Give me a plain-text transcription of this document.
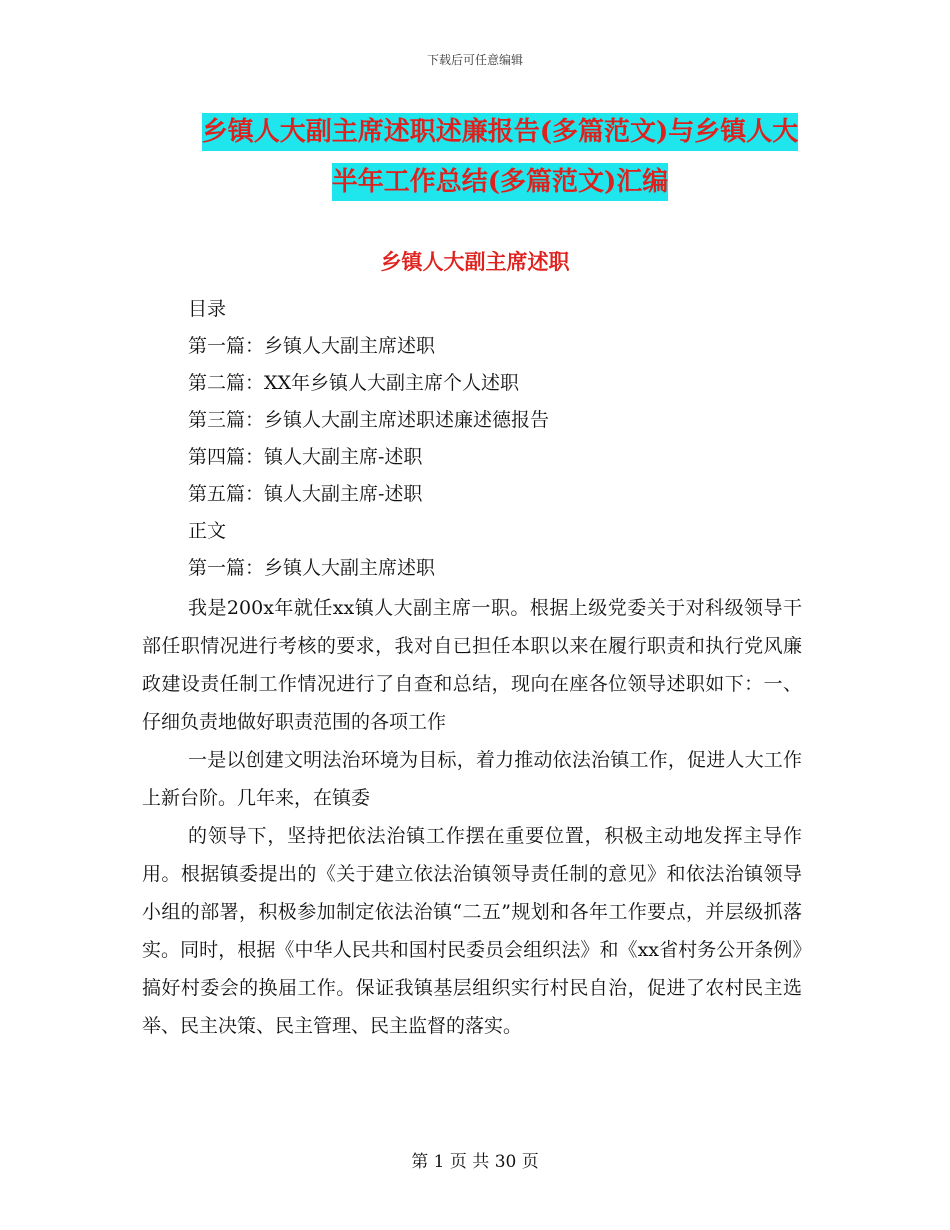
下载后可任意编辑
乡镇人大副主席述职述廉报告(多篇范文)与乡镇人大
半年工作总结(多篇范文)汇编
乡镇人大副主席述职
目录
第一篇：乡镇人大副主席述职
第二篇：XX年乡镇人大副主席个人述职
第三篇：乡镇人大副主席述职述廉述德报告
第四篇：镇人大副主席-述职
第五篇：镇人大副主席-述职
正文
第一篇：乡镇人大副主席述职

我是200x年就任xx镇人大副主席一职。根据上级党委关于对科级领导干部任职情况进行考核的要求，我对自已担任本职以来在履行职责和执行党风廉政建设责任制工作情况进行了自查和总结，现向在座各位领导述职如下：一、仔细负责地做好职责范围的各项工作

一是以创建文明法治环境为目标，着力推动依法治镇工作，促进人大工作上新台阶。几年来，在镇委

的领导下，坚持把依法治镇工作摆在重要位置，积极主动地发挥主导作用。根据镇委提出的《关于建立依法治镇领导责任制的意见》和依法治镇领导小组的部署，积极参加制定依法治镇“二五”规划和各年工作要点，并层级抓落实。同时，根据《中华人民共和国村民委员会组织法》和《xx省村务公开条例》搞好村委会的换届工作。保证我镇基层组织实行村民自治，促进了农村民主选举、民主决策、民主管理、民主监督的落实。

第 1 页 共 30 页
